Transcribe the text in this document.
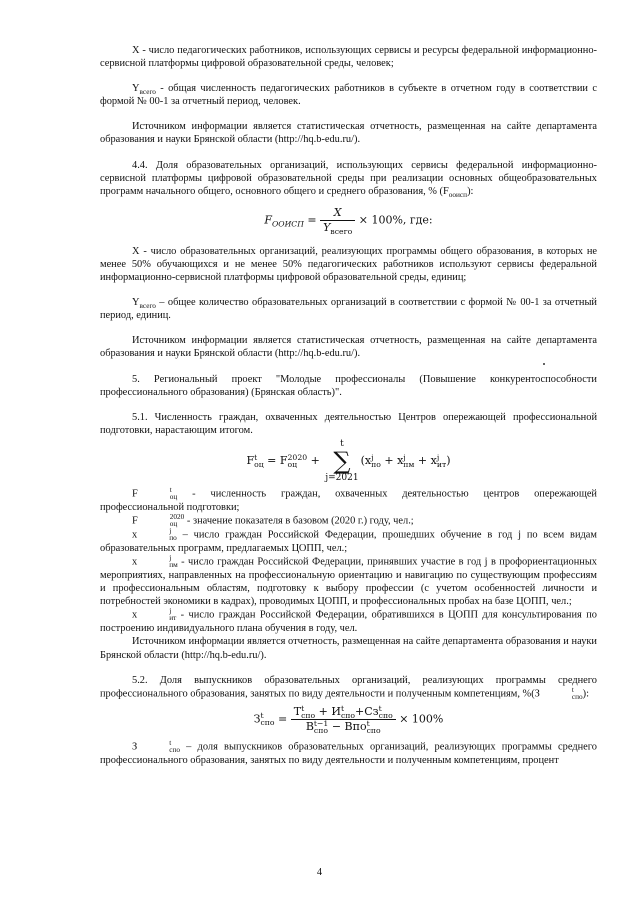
X - число педагогических работников, использующих сервисы и ресурсы федеральной информационно-сервисной платформы цифровой образовательной среды, человек;

$Y_{всего}$ - общая численность педагогических работников в субъекте в отчетном году в соответствии с формой № 00-1 за отчетный период, человек.

Источником информации является статистическая отчетность, размещенная на сайте департамента образования и науки Брянской области (http://hq.b-edu.ru/).

4.4. Доля образовательных организаций, использующих сервисы федеральной информационно-сервисной платформы цифровой образовательной среды при реализации основных общеобразовательных программ начального общего, основного общего и среднего образования, % $(F_{ооисп})$:

$F_{ООИСП} = \frac{X}{Y_{всего}} \times 100\%$, где:

X - число образовательных организаций, реализующих программы общего образования, в которых не менее 50% обучающихся и не менее 50% педагогических работников используют сервисы федеральной информационно-сервисной платформы цифровой образовательной среды, единиц;

$Y_{всего}$ – общее количество образовательных организаций в соответствии с формой № 00-1 за отчетный период, единиц.

Источником информации является статистическая отчетность, размещенная на сайте департамента образования и науки Брянской области (http://hq.b-edu.ru/).

5. Региональный проект "Молодые профессионалы (Повышение конкурентоспособности профессионального образования) (Брянская область)".

5.1. Численность граждан, охваченных деятельностью Центров опережающей профессиональной подготовки, нарастающим итогом.

F t
оц = F 2020
оц + t
∑
j=2021(x j
по + x j
пм + x j
ит )

F	t
оц - численность граждан, охваченных деятельностью центров опережающей профессиональной подготовки;

F	2020
оц - значение показателя в базовом (2020 г.) году, чел.;

x	j
по – число граждан Российской Федерации, прошедших обучение в год j по всем видам образовательных программ, предлагаемых ЦОПП, чел.;

x	j
пм - число граждан Российской Федерации, принявших участие в год j в профориентационных мероприятиях, направленных на профессиональную ориентацию и навигацию по существующим профессиям и профессиональным областям, подготовку к выбору профессии (с учетом особенностей личности и потребностей экономики в кадрах), проводимых ЦОПП, и профессиональных пробах на базе ЦОПП, чел.;

x	j
ит - число граждан Российской Федерации, обратившихся в ЦОПП для консультирования по построению индивидуального плана обучения в году, чел.

Источником информации является отчетность, размещенная на сайте департамента образования и науки Брянской области (http://hq.b-edu.ru/).

5.2. Доля выпускников образовательных организаций, реализующих программы среднего профессионального образования, занятых по виду деятельности и полученным компетенциям, %(З	t
спо ):

З t
спо = Т t
спо + И t
спо +Сз t
спо
В t−1
спо − Впо t
спо × 100%

З	t
спо – доля выпускников образовательных организаций, реализующих программы среднего профессионального образования, занятых по виду деятельности и полученным компетенциям, процент

4
